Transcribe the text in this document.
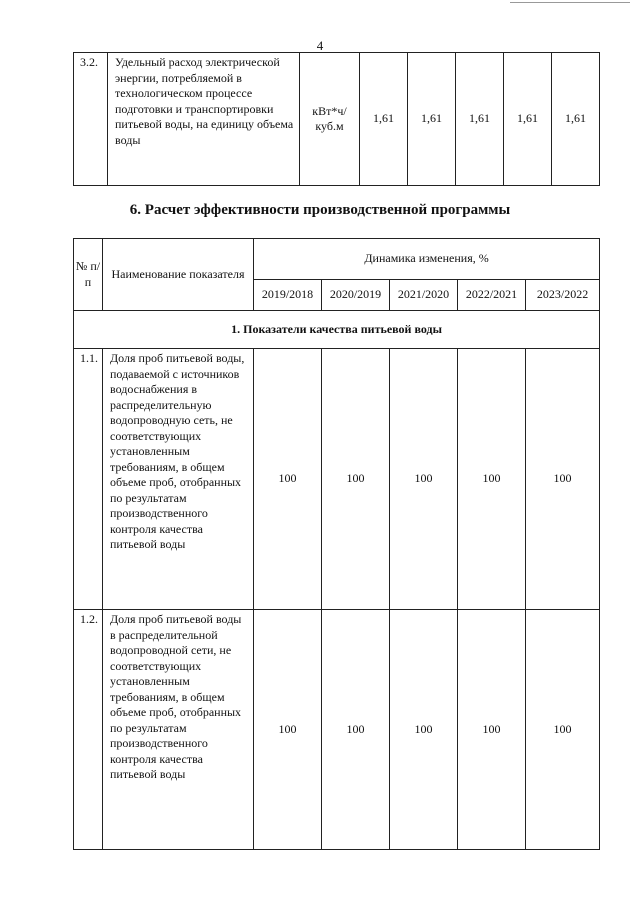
4
3.2.	Удельный расход электрической энергии, потребляемой в технологическом процессе подготовки и транспортировки питьевой воды, на единицу объема воды	кВт*ч/ куб.м	1,61	1,61	1,61	1,61	1,61
6. Расчет эффективности производственной программы
№ п/п	Наименование показателя	Динамика изменения, %				
		2019/2018	2020/2019	2021/2020	2022/2021	2023/2022
1. Показатели качества питьевой воды						
1.1.	Доля проб питьевой воды, подаваемой с источников водоснабжения в распределительную водопроводную сеть, не соответствующих установленным требованиям, в общем объеме проб, отобранных по результатам производственного контроля качества питьевой воды	100	100	100	100	100
1.2.	Доля проб питьевой воды в распределительной водопроводной сети, не соответствующих установленным требованиям, в общем объеме проб, отобранных по результатам производственного контроля качества питьевой воды	100	100	100	100	100
